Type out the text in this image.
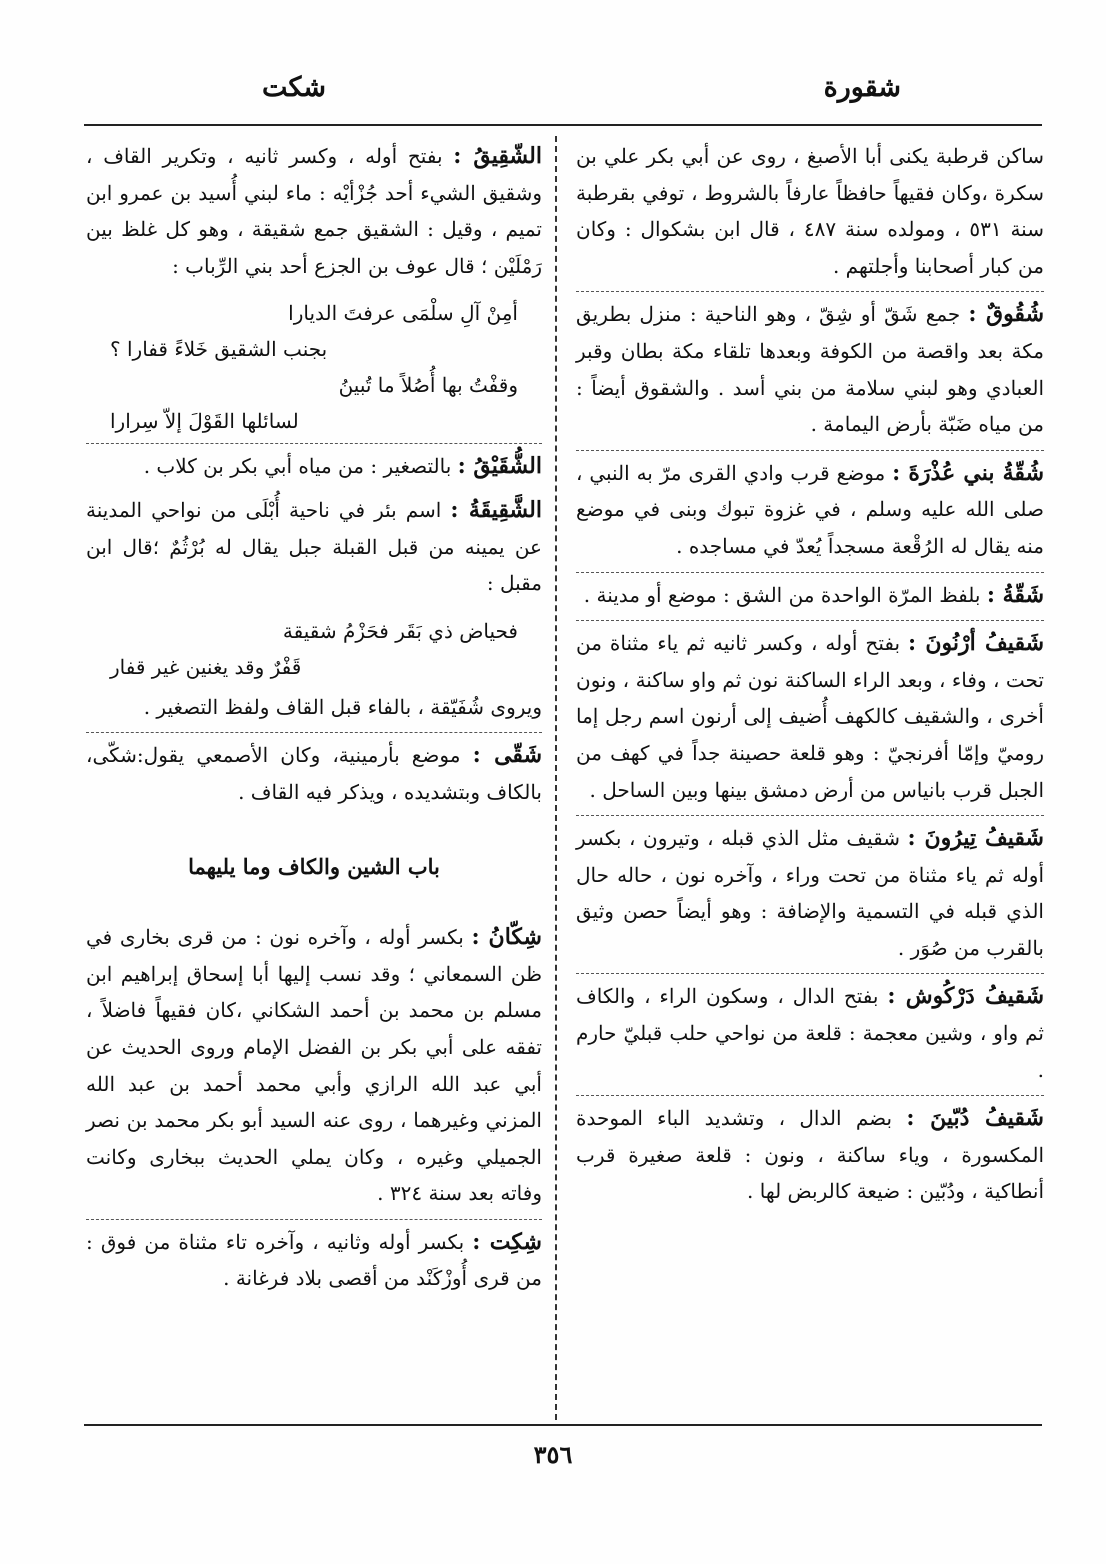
شقورة
شكت

ساكن قرطبة يكنى أبا الأصبغ ، روى عن أبي بكر علي بن سكرة ،وكان فقيهاً حافظاً عارفاً بالشروط ، توفي بقرطبة سنة ٥٣١ ، ومولده سنة ٤٨٧ ، قال ابن بشكوال : وكان من كبار أصحابنا وأجلتهم .

شُقُوقٌ : جمع شَقّ أو شِقّ ، وهو الناحية : منزل بطريق مكة بعد واقصة من الكوفة وبعدها تلقاء مكة بطان وقبر العبادي وهو لبني سلامة من بني أسد . والشقوق أيضاً : من مياه ضَبّة بأرض اليمامة .

شُقّةُ بني عُذْرَةَ : موضع قرب وادي القرى مرّ به النبي ، صلى الله عليه وسلم ، في غزوة تبوك وبنى في موضع منه يقال له الرُقْعة مسجداً يُعدّ في مساجده .

شَقّةُ : بلفظ المرّة الواحدة من الشق : موضع أو مدينة .

شَقيفُ أرْنُونَ : بفتح أوله ، وكسر ثانيه ثم ياء مثناة من تحت ، وفاء ، وبعد الراء الساكنة نون ثم واو ساكنة ، ونون أخرى ، والشقيف كالكهف أُضيف إلى أرنون اسم رجل إما روميّ وإمّا أفرنجيّ : وهو قلعة حصينة جداً في كهف من الجبل قرب بانياس من أرض دمشق بينها وبين الساحل .

شَقيفُ تِيرُونَ : شقيف مثل الذي قبله ، وتيرون ، بكسر أوله ثم ياء مثناة من تحت وراء ، وآخره نون ، حاله حال الذي قبله في التسمية والإضافة : وهو أيضاً حصن وثيق بالقرب من صُوَر .

شَقيفُ دَرْكُوش : بفتح الدال ، وسكون الراء ، والكاف ثم واو ، وشين معجمة : قلعة من نواحي حلب قبليّ حارم .

شَقيفُ دُبّينَ : بضم الدال ، وتشديد الباء الموحدة المكسورة ، وياء ساكنة ، ونون : قلعة صغيرة قرب أنطاكية ، ودُبّين : ضيعة كالربض لها .

الشّقِيقُ : بفتح أوله ، وكسر ثانيه ، وتكرير القاف ، وشقيق الشيء أحد جُزْأيْه : ماء لبني أُسيد بن عمرو ابن تميم ، وقيل : الشقيق جمع شقيقة ، وهو كل غلظ بين رَمْلَيْن ؛ قال عوف بن الجزع أحد بني الرِّباب :

أمِنْ آلِ سلْمَى عرفتَ الديارا
بجنب الشقيق خَلاءً قفارا ؟
وقفْتُ بها أُصُلاً ما تُبينُ
لسائلها القَوْلَ إلاّ سِرارا

الشُّقَيْقُ : بالتصغير : من مياه أبي بكر بن كلاب .

الشَّقِيقَةُ : اسم بئر في ناحية أُبْلَى من نواحي المدينة عن يمينه من قبل القبلة جبل يقال له بُرْثُمٌ ؛قال ابن مقبل :

فحياض ذي بَقَر فحَزْمُ شقيقة
قَفْرٌ وقد يغنين غير قفار

ويروى شُفَيّقة ، بالفاء قبل القاف ولفظ التصغير .

شَقّى : موضع بأرمينية، وكان الأصمعي يقول:شكّى، بالكاف وبتشديده ، ويذكر فيه القاف .

باب الشين والكاف وما يليهما

شِكّانُ : بكسر أوله ، وآخره نون : من قرى بخارى في ظن السمعاني ؛ وقد نسب إليها أبا إسحاق إبراهيم ابن مسلم بن محمد بن أحمد الشكاني ،كان فقيهاً فاضلاً ، تفقه على أبي بكر بن الفضل الإمام وروى الحديث عن أبي عبد الله الرازي وأبي محمد أحمد بن عبد الله المزني وغيرهما ، روى عنه السيد أبو بكر محمد بن نصر الجميلي وغيره ، وكان يملي الحديث ببخارى وكانت وفاته بعد سنة ٣٢٤ .

شِكِت : بكسر أوله وثانيه ، وآخره تاء مثناة من فوق : من قرى أُوزْكَنْد من أقصى بلاد فرغانة .

٣٥٦
